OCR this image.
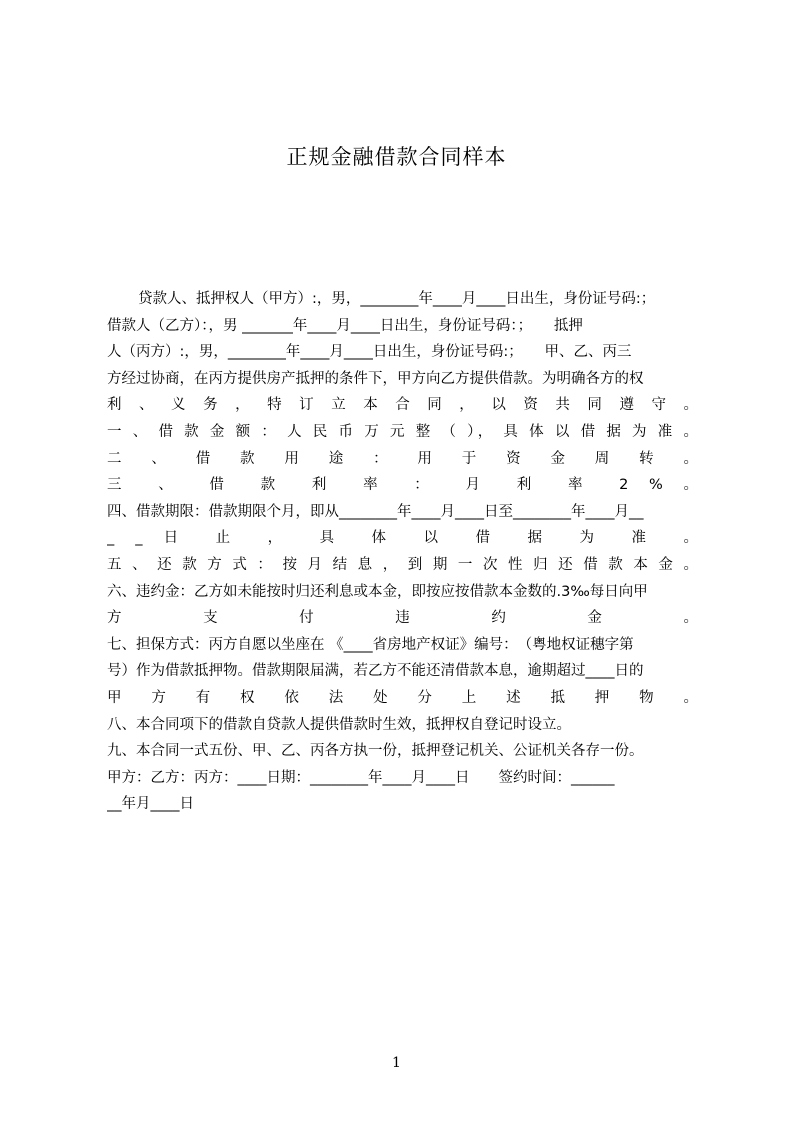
正规金融借款合同样本
贷款人、抵押权人（甲方）:，男，________年____月____日出生，身份证号码:；
借款人（乙方）：，男 _______年____月____日出生，身份证号码：；　　抵押
人（丙方）:，男，________年____月____日出生，身份证号码:；　　甲、乙、丙三
方经过协商，在丙方提供房产抵押的条件下，甲方向乙方提供借款。为明确各方的权
利 、 义 务 ， 特 订 立 本 合 同 ， 以 资 共 同 遵 守 。
一 、 借 款 金 额 ： 人 民 币 万 元 整 （ ）， 具 体 以 借 据 为 准 。
二 、 借 款 用 途 ： 用 于 资 金 周 转 。
三 、 借 款 利 率 ： 月 利 率 2 % 。
四、借款期限：借款期限个月，即从________年____月____日至________年____月__
_ _ 日 止 ， 具 体 以 借 据 为 准 。
五 、 还 款 方 式 ： 按 月 结 息 ， 到 期 一 次 性 归 还 借 款 本 金 。
六、违约金：乙方如未能按时归还利息或本金，即按应按借款本金数的.3‰每日向甲
方 支 付 违 约 金 。
七、担保方式：丙方自愿以坐座在 《____省房地产权证》编号：　（粤地权证穗字第
号）作为借款抵押物。借款期限届满，若乙方不能还清借款本息，逾期超过____日的
甲 方 有 权 依 法 处 分 上 述 抵 押 物 。
八、本合同项下的借款自贷款人提供借款时生效，抵押权自登记时设立。
九、本合同一式五份、甲、乙、丙各方执一份，抵押登记机关、公证机关各存一份。
甲方：乙方：丙方：____日期：________年____月____日　　签约时间：______
__年月____日
1
